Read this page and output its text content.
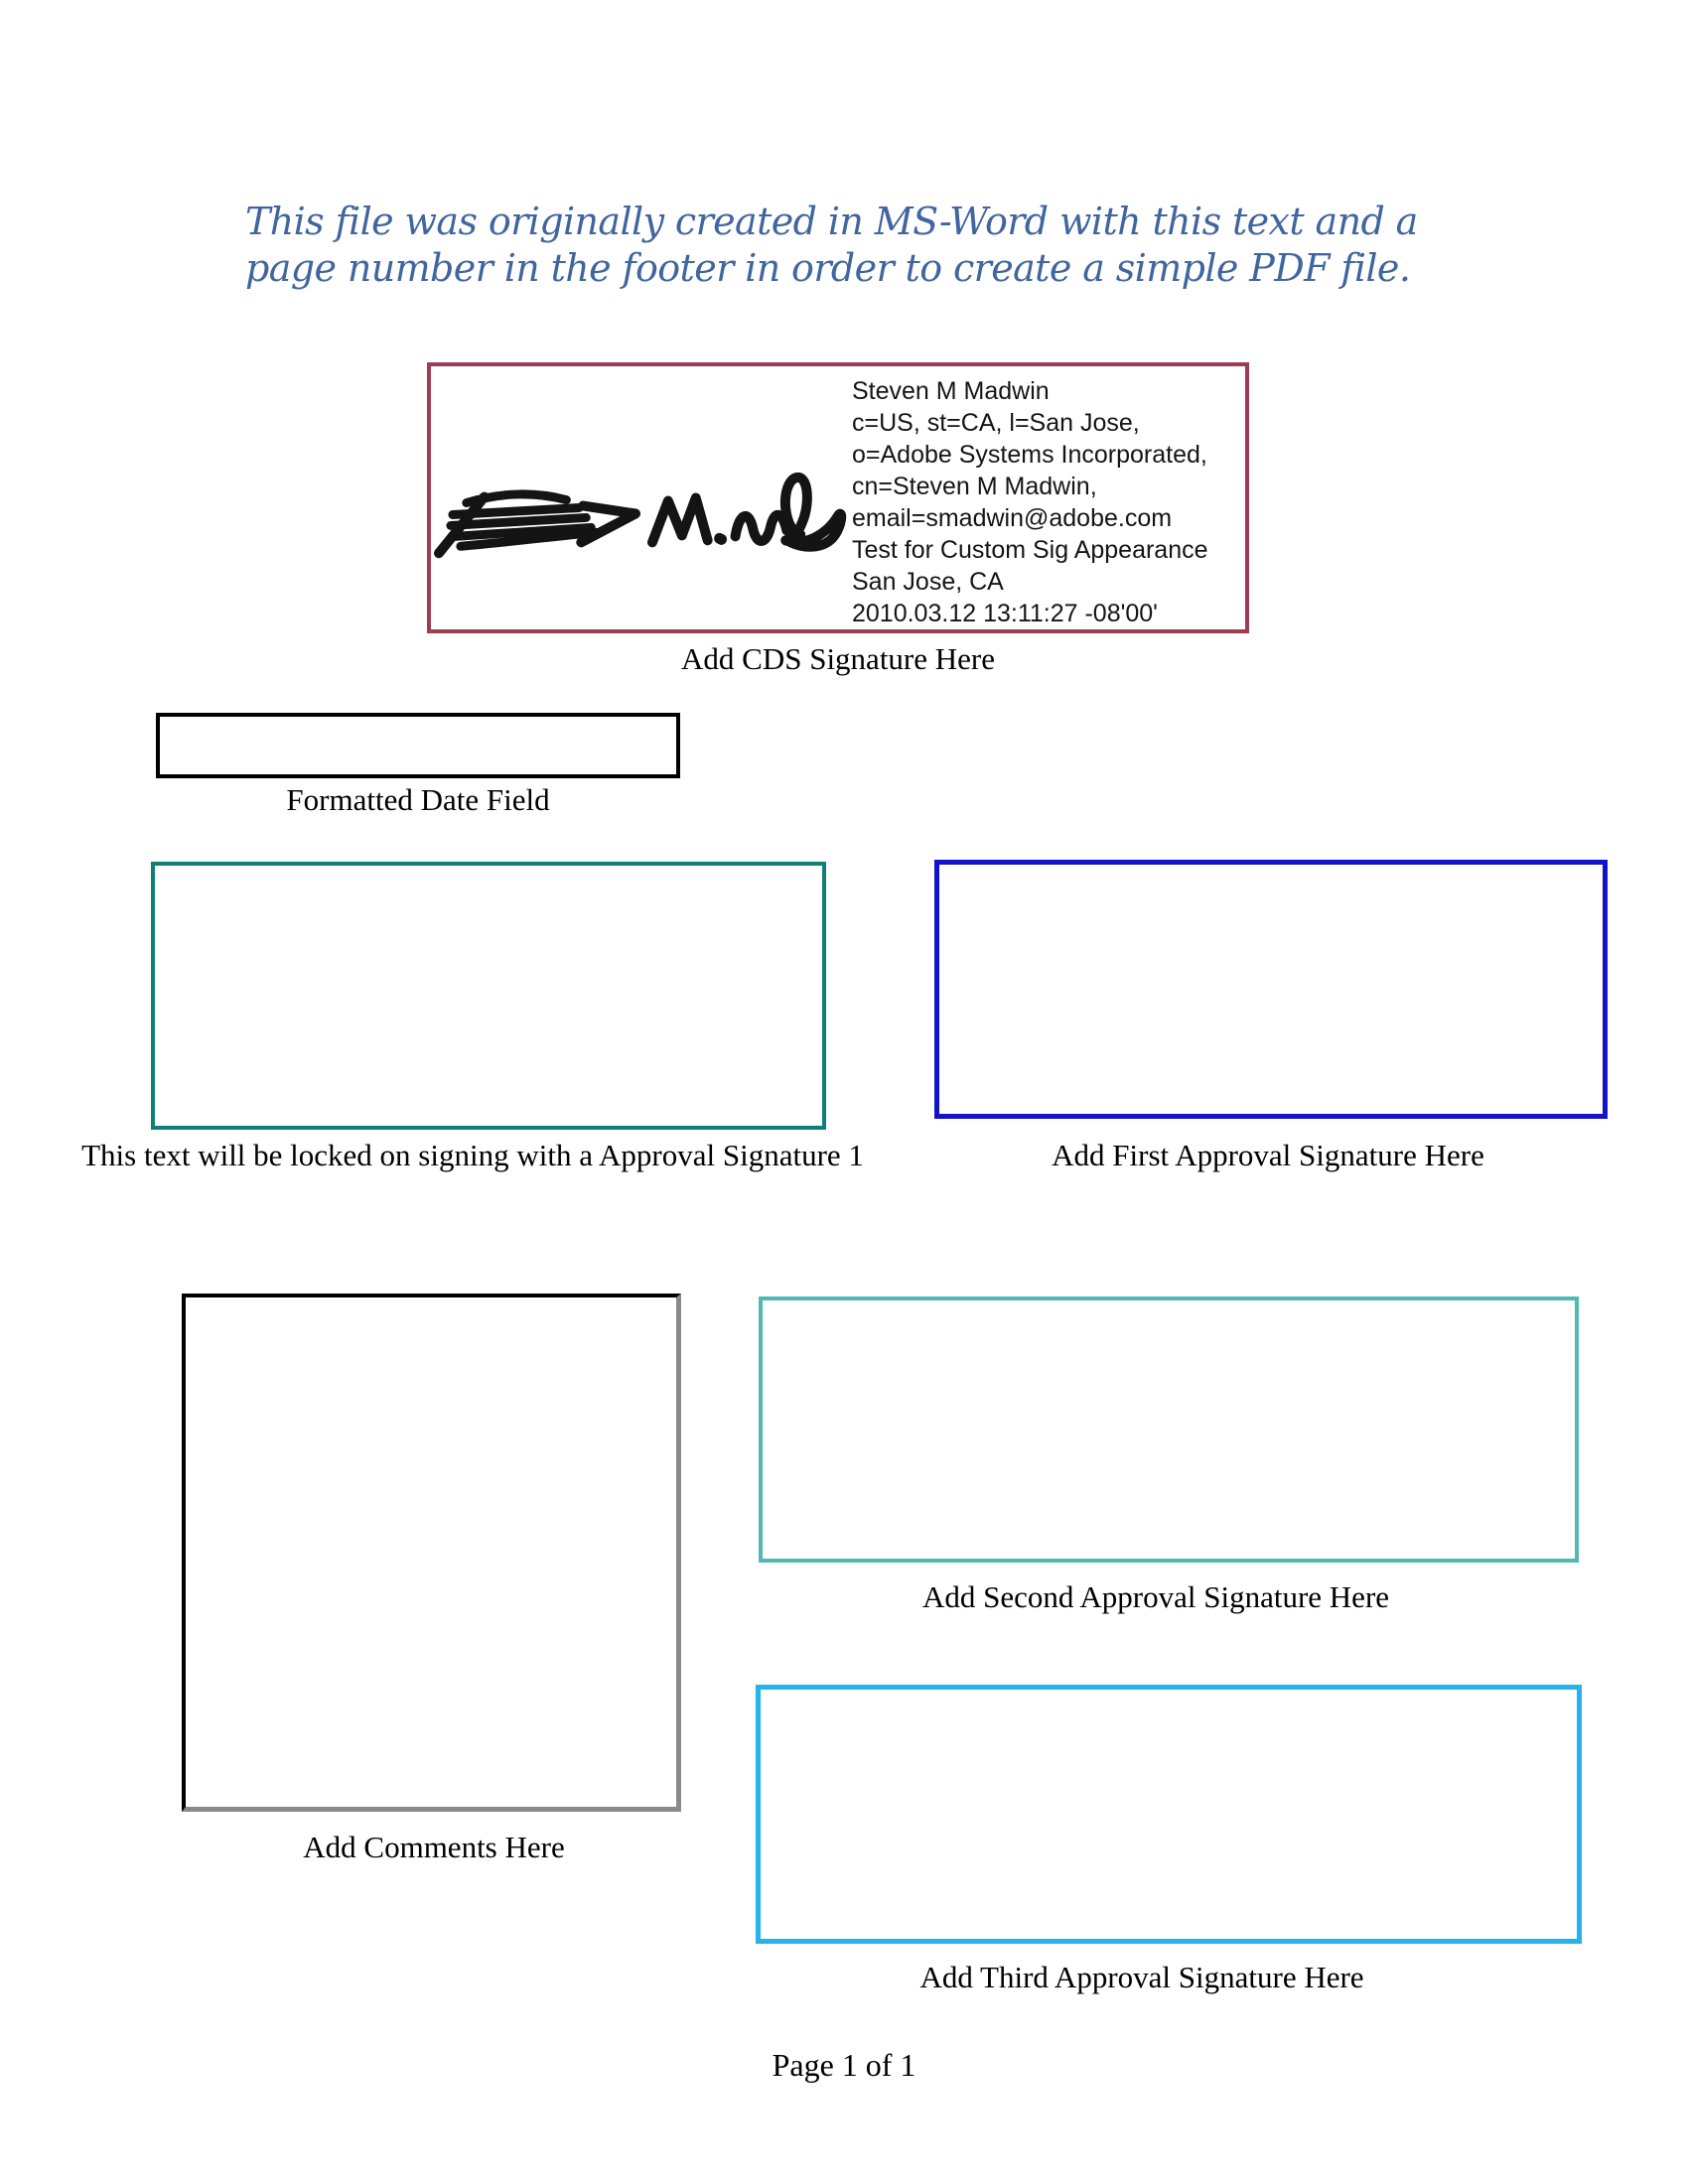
This file was originally created in MS-Word with this text and a
page number in the footer in order to create a simple PDF file.
Steven M Madwin
c=US, st=CA, l=San Jose,
o=Adobe Systems Incorporated,
cn=Steven M Madwin,
email=smadwin@adobe.com
Test for Custom Sig Appearance
San Jose, CA
2010.03.12 13:11:27 -08'00'
Add CDS Signature Here
Formatted Date Field
This text will be locked on signing with a Approval Signature 1	Add First Approval Signature Here
Add Comments Here
Add Second Approval Signature Here
Add Third Approval Signature Here
Page 1 of 1
